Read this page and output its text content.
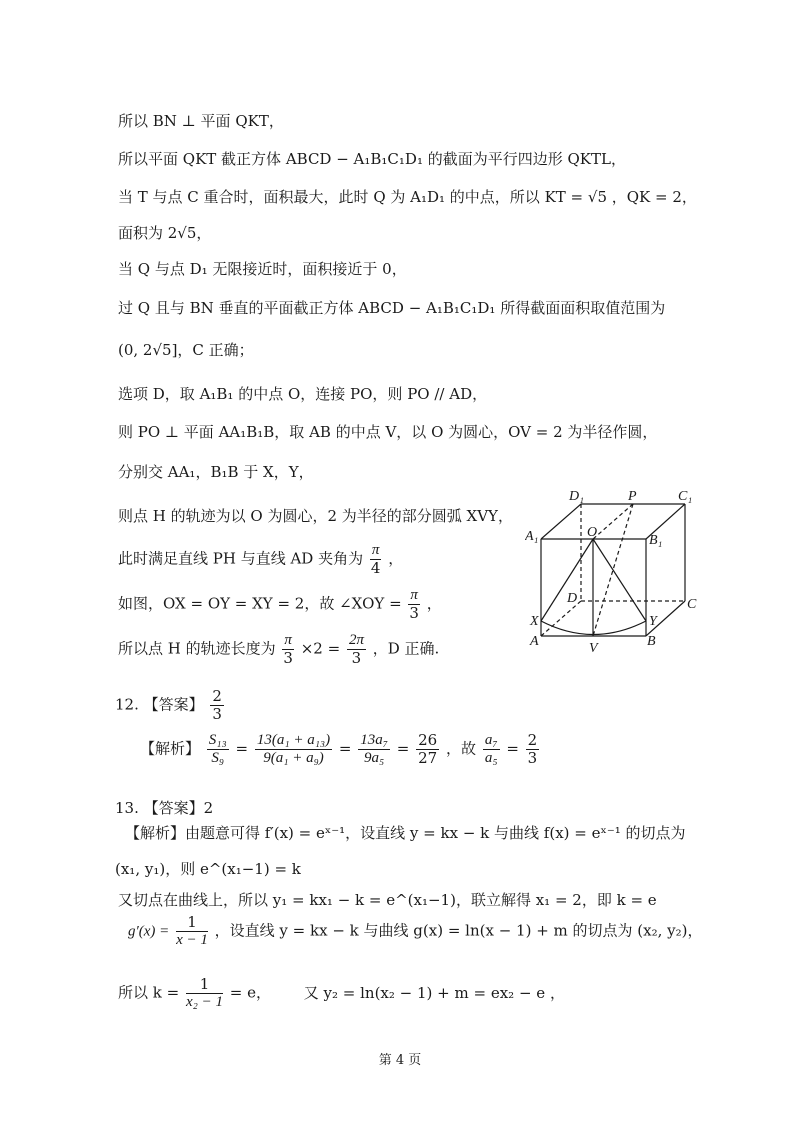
所以 BN ⊥ 平面 QKT，
所以平面 QKT 截正方体 ABCD − A₁B₁C₁D₁ 的截面为平行四边形 QKTL，
当 T 与点 C 重合时，面积最大，此时 Q 为 A₁D₁ 的中点，所以 KT = √5 ，QK = 2，
面积为 2√5，
当 Q 与点 D₁ 无限接近时，面积接近于 0，
过 Q 且与 BN 垂直的平面截正方体 ABCD − A₁B₁C₁D₁ 所得截面面积取值范围为
(0, 2√5]，C 正确；
选项 D，取 A₁B₁ 的中点 O，连接 PO，则 PO // AD，
则 PO ⊥ 平面 AA₁B₁B，取 AB 的中点 V，以 O 为圆心，OV = 2 为半径作圆，
分别交 AA₁，B₁B 于 X，Y，
则点 H 的轨迹为以 O 为圆心，2 为半径的部分圆弧 XVY，
此时满足直线 PH 与直线 AD 夹角为 $\frac{\pi}{4}$ ，
如图，OX = OY = XY = 2，故 ∠XOY = $\frac{\pi}{3}$ ，
所以点 H 的轨迹长度为 $\frac{\pi}{3} \times 2 = \frac{2\pi}{3}$ ，D 正确.
D₁	P	C₁
A₁	O
B₁
D	C
X	Y
A	V	B
12. 【答案】 $\frac{2}{3}$
【解析】 $\frac{\text{S₁₃}}{\text{S₉}} = \frac{\text{13(a₁ + a₁₃)}}{\text{9(a₁ + a₉)}} = \frac{\text{13a₇}}{\text{9a₅}} = \frac{26}{27}$ ，故 $\frac{\text{a₇}}{\text{a₅}} = \frac{2}{3}$
13. 【答案】2
【解析】由题意可得 f′(x) = eˣ⁻¹，设直线 y = kx − k 与曲线 f(x) = eˣ⁻¹ 的切点为
(x₁, y₁)，则 e^(x₁−1) = k
又切点在曲线上，所以 y₁ = kx₁ − k = e^(x₁−1)，联立解得 x₁ = 2，即 k = e
$g'(x) = \frac{1}{x - 1}$ ，设直线 y = kx − k 与曲线 g(x) = ln(x − 1) + m 的切点为 (x₂, y₂)，
所以 $k = \frac{1}{\text{x₂ − 1}} = e$， 又 y₂ = ln(x₂ − 1) + m = ex₂ − e ，
第 4 页
